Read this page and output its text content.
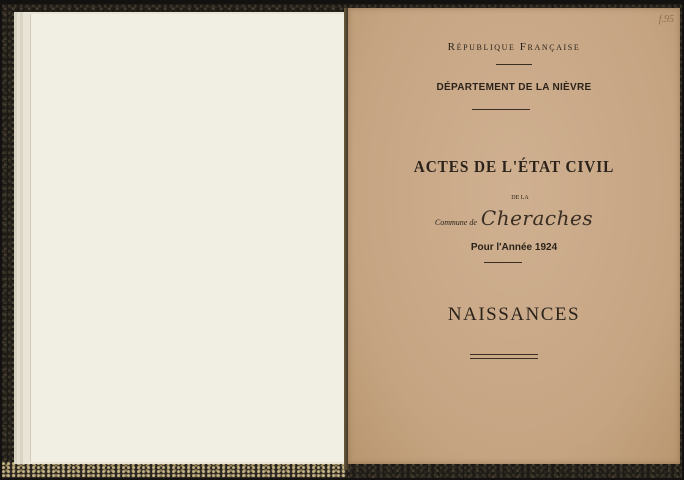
f.95
République Française
DÉPARTEMENT DE LA NIÈVRE
ACTES DE L'ÉTAT CIVIL
DE LA
Commune de Cheraches
Pour l'Année 1924
NAISSANCES
